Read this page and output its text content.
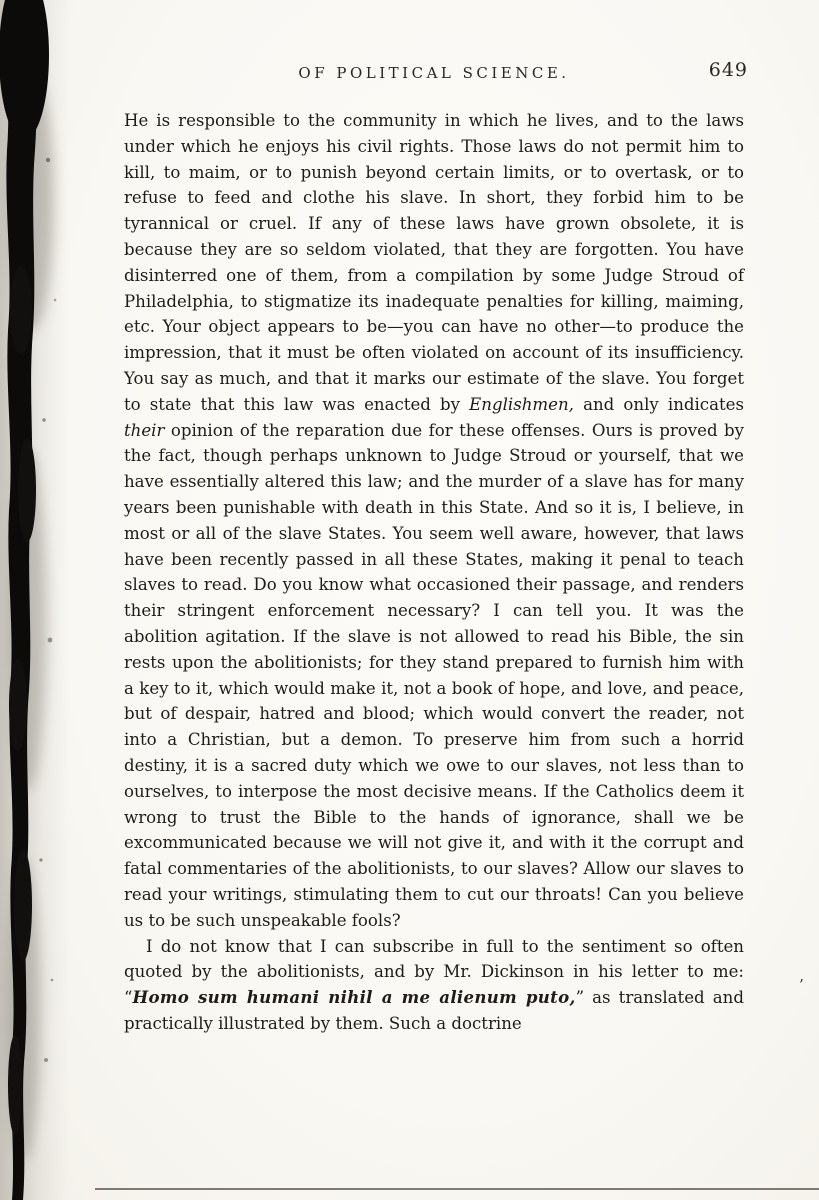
OF POLITICAL SCIENCE.	649

He is responsible to the community in which he lives, and to the laws under which he enjoys his civil rights. Those laws do not permit him to kill, to maim, or to punish beyond certain limits, or to overtask, or to refuse to feed and clothe his slave. In short, they forbid him to be tyrannical or cruel. If any of these laws have grown obsolete, it is because they are so seldom violated, that they are forgotten. You have disinterred one of them, from a compilation by some Judge Stroud of Philadelphia, to stigmatize its inadequate penalties for killing, maiming, etc. Your object appears to be—you can have no other—to produce the impression, that it must be often violated on account of its insufficiency. You say as much, and that it marks our estimate of the slave. You forget to state that this law was enacted by Englishmen, and only indicates their opinion of the reparation due for these offenses. Ours is proved by the fact, though perhaps unknown to Judge Stroud or yourself, that we have essentially altered this law; and the murder of a slave has for many years been punishable with death in this State. And so it is, I believe, in most or all of the slave States. You seem well aware, however, that laws have been recently passed in all these States, making it penal to teach slaves to read. Do you know what occasioned their passage, and renders their stringent enforcement necessary? I can tell you. It was the abolition agitation. If the slave is not allowed to read his Bible, the sin rests upon the abolitionists; for they stand prepared to furnish him with a key to it, which would make it, not a book of hope, and love, and peace, but of despair, hatred and blood; which would convert the reader, not into a Christian, but a demon. To preserve him from such a horrid destiny, it is a sacred duty which we owe to our slaves, not less than to ourselves, to interpose the most decisive means. If the Catholics deem it wrong to trust the Bible to the hands of ignorance, shall we be excommunicated because we will not give it, and with it the corrupt and fatal commentaries of the abolitionists, to our slaves? Allow our slaves to read your writings, stimulating them to cut our throats! Can you believe us to be such unspeakable fools?

I do not know that I can subscribe in full to the sentiment so often quoted by the abolitionists, and by Mr. Dickinson in his letter to me: “Homo sum humani nihil a me alienum puto,” as translated and practically illustrated by them. Such a doctrine

’
